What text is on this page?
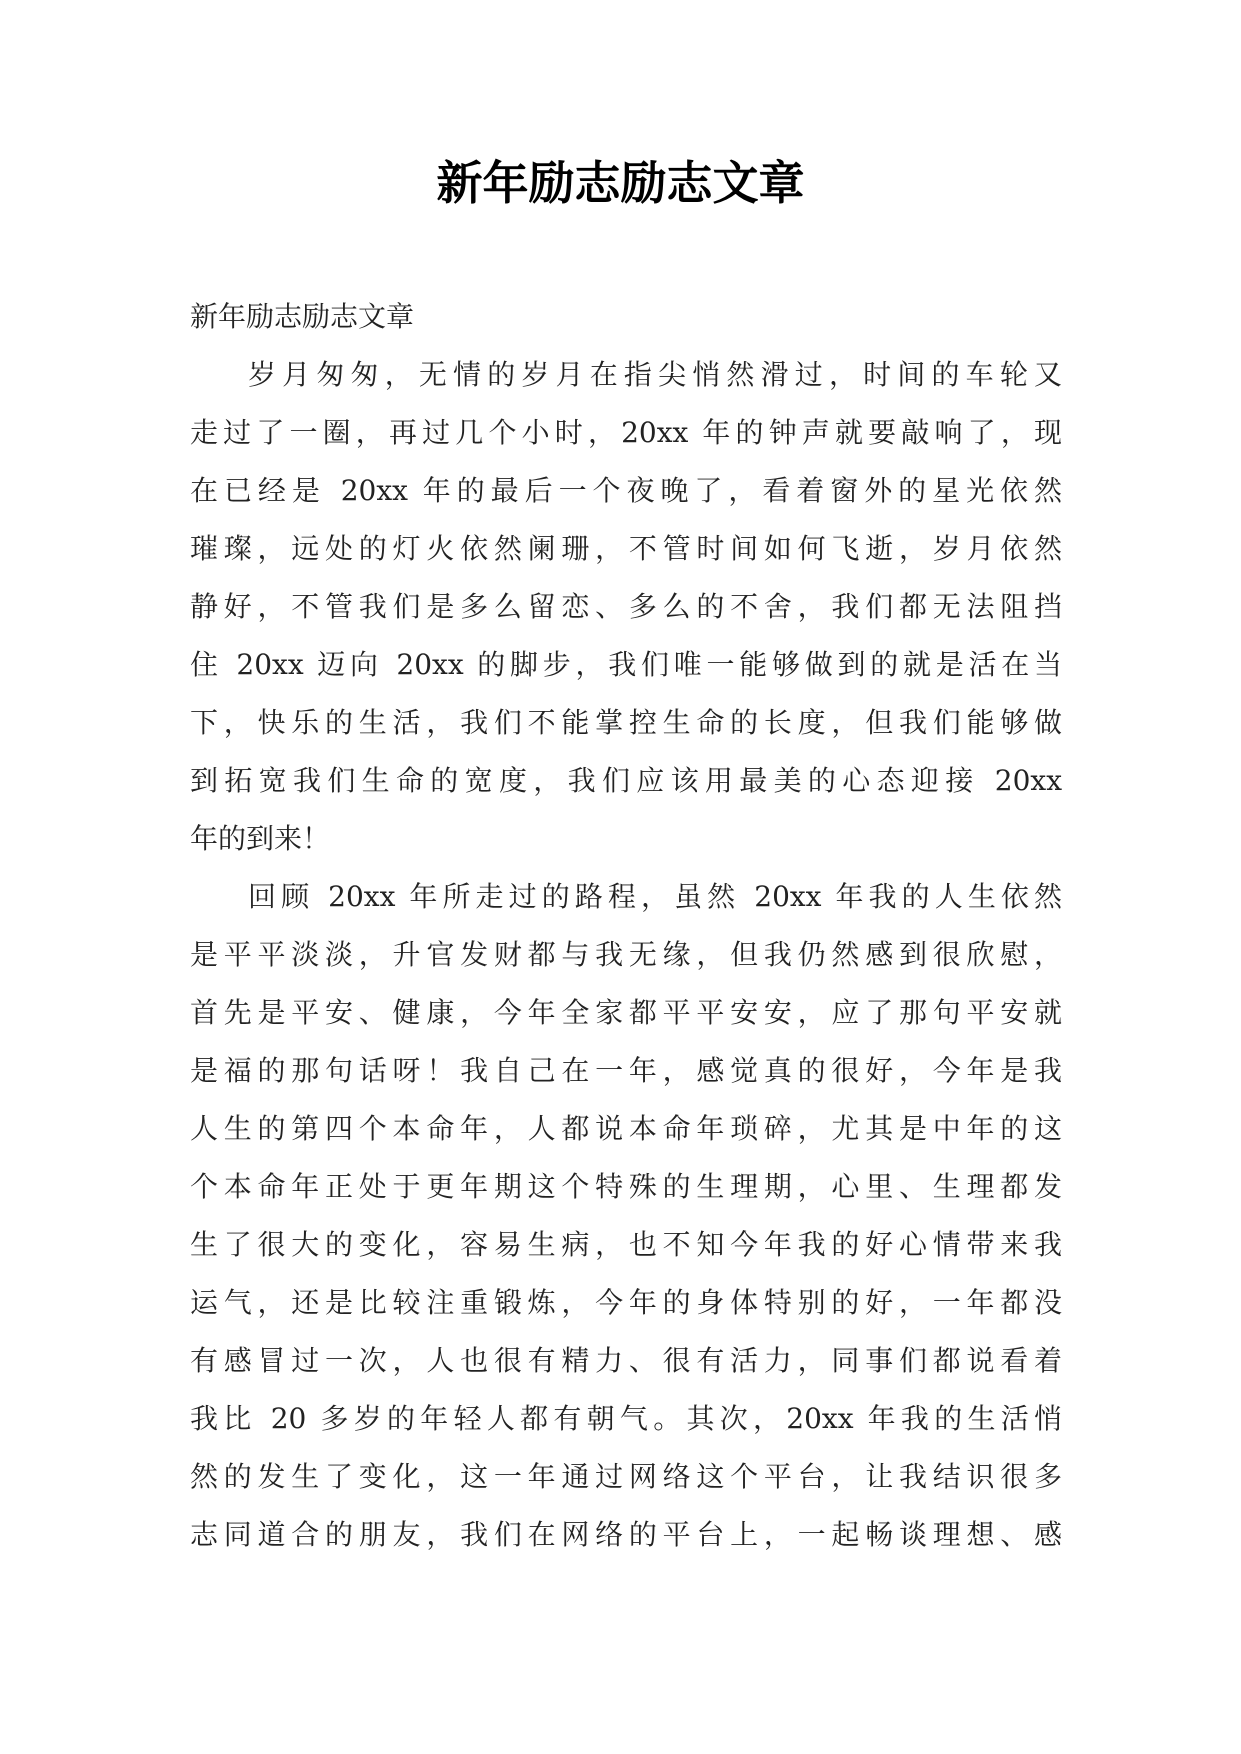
新年励志励志文章
新年励志励志文章
岁月匆匆，无情的岁月在指尖悄然滑过，时间的车轮又
走过了一圈，再过几个小时，20xx 年的钟声就要敲响了，现
在已经是 20xx 年的最后一个夜晚了，看着窗外的星光依然
璀璨，远处的灯火依然阑珊，不管时间如何飞逝，岁月依然
静好，不管我们是多么留恋、多么的不舍，我们都无法阻挡
住 20xx 迈向 20xx 的脚步，我们唯一能够做到的就是活在当
下，快乐的生活，我们不能掌控生命的长度，但我们能够做
到拓宽我们生命的宽度，我们应该用最美的心态迎接 20xx
年的到来！
回顾 20xx 年所走过的路程，虽然 20xx 年我的人生依然
是平平淡淡，升官发财都与我无缘，但我仍然感到很欣慰，
首先是平安、健康，今年全家都平平安安，应了那句平安就
是福的那句话呀！我自己在一年，感觉真的很好，今年是我
人生的第四个本命年，人都说本命年琐碎，尤其是中年的这
个本命年正处于更年期这个特殊的生理期，心里、生理都发
生了很大的变化，容易生病，也不知今年我的好心情带来我
运气，还是比较注重锻炼，今年的身体特别的好，一年都没
有感冒过一次，人也很有精力、很有活力，同事们都说看着
我比 20 多岁的年轻人都有朝气。其次，20xx 年我的生活悄
然的发生了变化，这一年通过网络这个平台，让我结识很多
志同道合的朋友，我们在网络的平台上，一起畅谈理想、感
